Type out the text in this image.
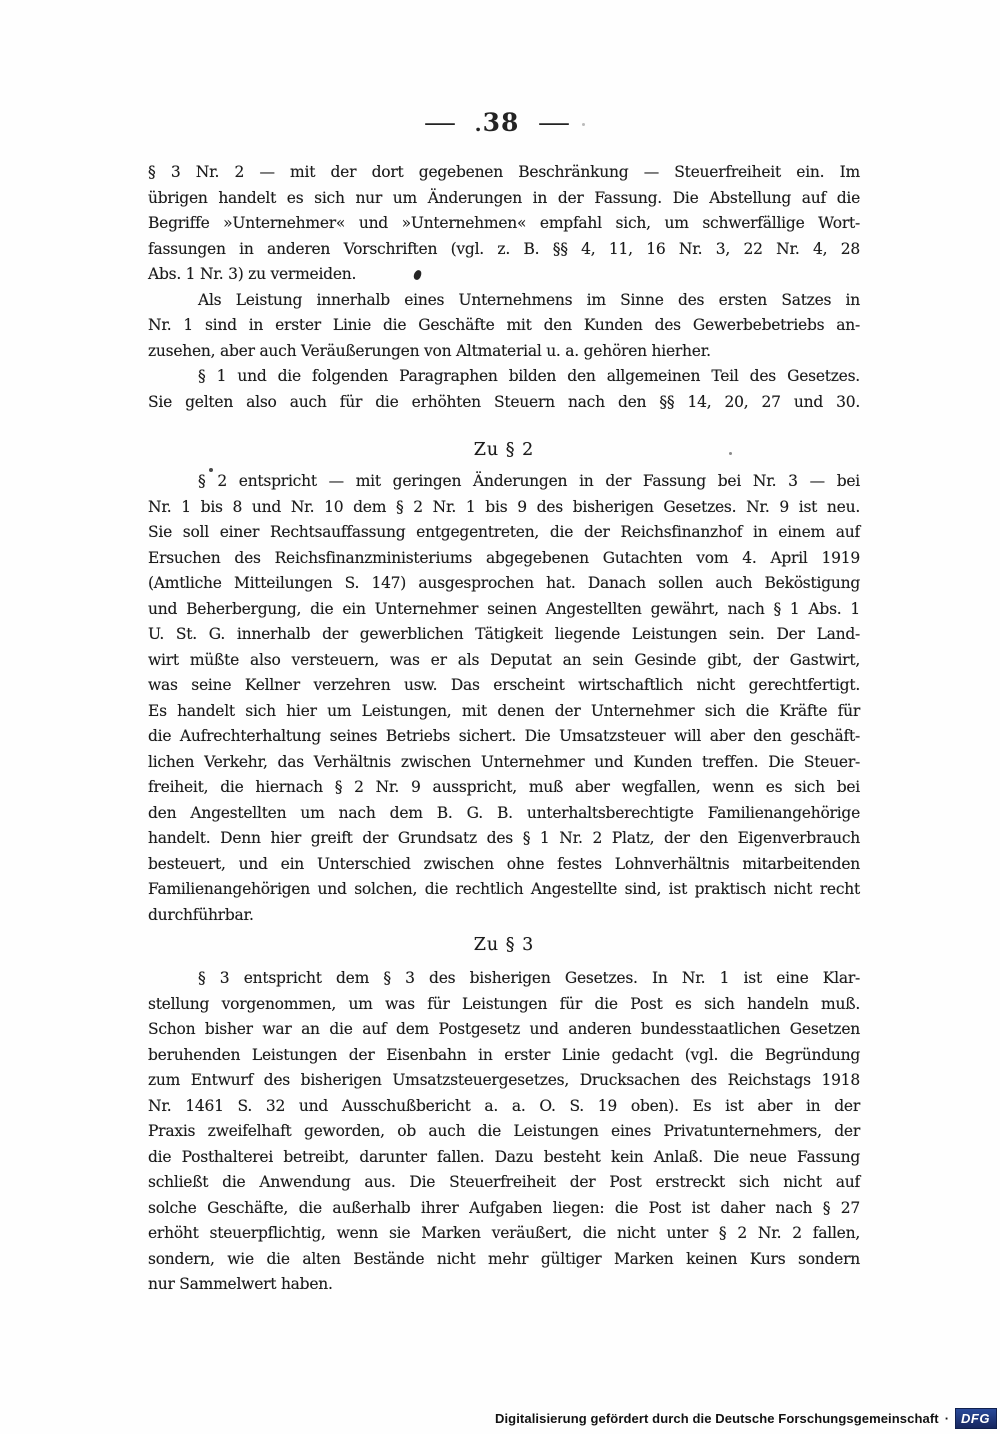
— . 38 —
§ 3 Nr. 2 — mit der dort gegebenen Beschränkung — Steuerfreiheit ein. Im
übrigen handelt es sich nur um Änderungen in der Fassung. Die Abstellung auf die
Begriffe »Unternehmer« und »Unternehmen« empfahl sich, um schwerfällige Wort-
fassungen in anderen Vorschriften (vgl. z. B. §§ 4, 11, 16 Nr. 3, 22 Nr. 4, 28
Abs. 1 Nr. 3) zu vermeiden.
Als Leistung innerhalb eines Unternehmens im Sinne des ersten Satzes in
Nr. 1 sind in erster Linie die Geschäfte mit den Kunden des Gewerbebetriebs an-
zusehen, aber auch Veräußerungen von Altmaterial u. a. gehören hierher.
§ 1 und die folgenden Paragraphen bilden den allgemeinen Teil des Gesetzes.
Sie gelten also auch für die erhöhten Steuern nach den §§ 14, 20, 27 und 30.
Zu § 2
§ 2 entspricht — mit geringen Änderungen in der Fassung bei Nr. 3 — bei
Nr. 1 bis 8 und Nr. 10 dem § 2 Nr. 1 bis 9 des bisherigen Gesetzes. Nr. 9 ist neu.
Sie soll einer Rechtsauffassung entgegentreten, die der Reichsfinanzhof in einem auf
Ersuchen des Reichsfinanzministeriums abgegebenen Gutachten vom 4. April 1919
(Amtliche Mitteilungen S. 147) ausgesprochen hat. Danach sollen auch Beköstigung
und Beherbergung, die ein Unternehmer seinen Angestellten gewährt, nach § 1 Abs. 1
U. St. G. innerhalb der gewerblichen Tätigkeit liegende Leistungen sein. Der Land-
wirt müßte also versteuern, was er als Deputat an sein Gesinde gibt, der Gastwirt,
was seine Kellner verzehren usw. Das erscheint wirtschaftlich nicht gerechtfertigt.
Es handelt sich hier um Leistungen, mit denen der Unternehmer sich die Kräfte für
die Aufrechterhaltung seines Betriebs sichert. Die Umsatzsteuer will aber den geschäft-
lichen Verkehr, das Verhältnis zwischen Unternehmer und Kunden treffen. Die Steuer-
freiheit, die hiernach § 2 Nr. 9 ausspricht, muß aber wegfallen, wenn es sich bei
den Angestellten um nach dem B. G. B. unterhaltsberechtigte Familienangehörige
handelt. Denn hier greift der Grundsatz des § 1 Nr. 2 Platz, der den Eigenverbrauch
besteuert, und ein Unterschied zwischen ohne festes Lohnverhältnis mitarbeitenden
Familienangehörigen und solchen, die rechtlich Angestellte sind, ist praktisch nicht recht
durchführbar.
Zu § 3
§ 3 entspricht dem § 3 des bisherigen Gesetzes. In Nr. 1 ist eine Klar-
stellung vorgenommen, um was für Leistungen für die Post es sich handeln muß.
Schon bisher war an die auf dem Postgesetz und anderen bundesstaatlichen Gesetzen
beruhenden Leistungen der Eisenbahn in erster Linie gedacht (vgl. die Begründung
zum Entwurf des bisherigen Umsatzsteuergesetzes, Drucksachen des Reichstags 1918
Nr. 1461 S. 32 und Ausschußbericht a. a. O. S. 19 oben). Es ist aber in der
Praxis zweifelhaft geworden, ob auch die Leistungen eines Privatunternehmers, der
die Posthalterei betreibt, darunter fallen. Dazu besteht kein Anlaß. Die neue Fassung
schließt die Anwendung aus. Die Steuerfreiheit der Post erstreckt sich nicht auf
solche Geschäfte, die außerhalb ihrer Aufgaben liegen: die Post ist daher nach § 27
erhöht steuerpflichtig, wenn sie Marken veräußert, die nicht unter § 2 Nr. 2 fallen,
sondern, wie die alten Bestände nicht mehr gültiger Marken keinen Kurs sondern
nur Sammelwert haben.
Digitalisierung gefördert durch die Deutsche Forschungsgemeinschaft · DFG
